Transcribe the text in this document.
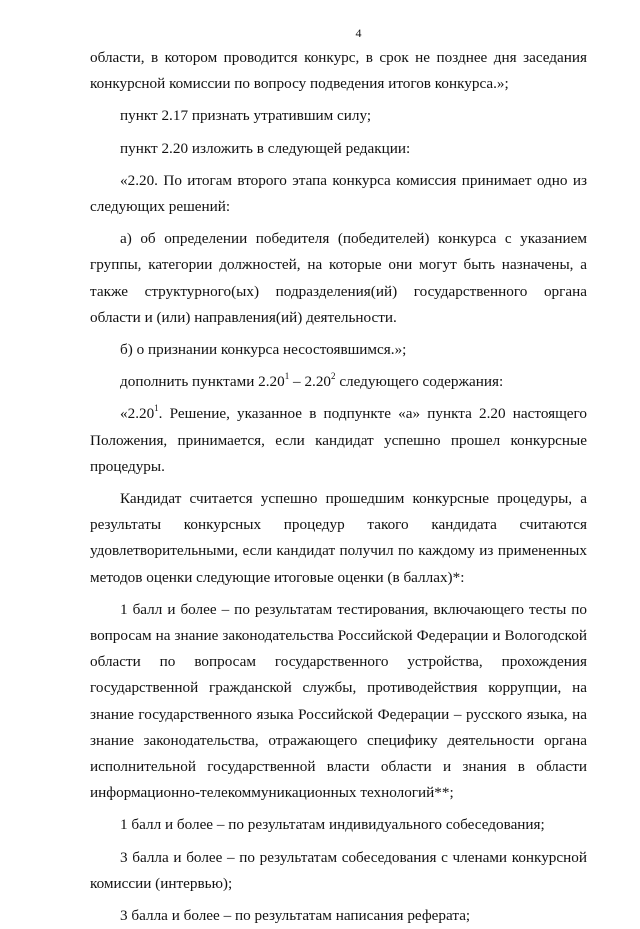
4

области, в котором проводится конкурс, в срок не позднее дня заседания конкурсной комиссии по вопросу подведения итогов конкурса.»;

пункт 2.17 признать утратившим силу;

пункт 2.20 изложить в следующей редакции:

«2.20. По итогам второго этапа конкурса комиссия принимает одно из следующих решений:

а) об определении победителя (победителей) конкурса с указанием группы, категории должностей, на которые они могут быть назначены, а также структурного(ых) подразделения(ий) государственного органа области и (или) направления(ий) деятельности.

б) о признании конкурса несостоявшимся.»;

дополнить пунктами 2.20$^1$ – 2.20$^2$ следующего содержания:

«2.20$^1$. Решение, указанное в подпункте «а» пункта 2.20 настоящего Положения, принимается, если кандидат успешно прошел конкурсные процедуры.

Кандидат считается успешно прошедшим конкурсные процедуры, а результаты конкурсных процедур такого кандидата считаются удовлетворительными, если кандидат получил по каждому из примененных методов оценки следующие итоговые оценки (в баллах)*:

1 балл и более – по результатам тестирования, включающего тесты по вопросам на знание законодательства Российской Федерации и Вологодской области по вопросам государственного устройства, прохождения государственной гражданской службы, противодействия коррупции, на знание государственного языка Российской Федерации – русского языка, на знание законодательства, отражающего специфику деятельности органа исполнительной государственной власти области и знания в области информационно-телекоммуникационных технологий**;

1 балл и более – по результатам индивидуального собеседования;

3 балла и более – по результатам собеседования с членами конкурсной комиссии (интервью);

3 балла и более – по результатам написания реферата;
